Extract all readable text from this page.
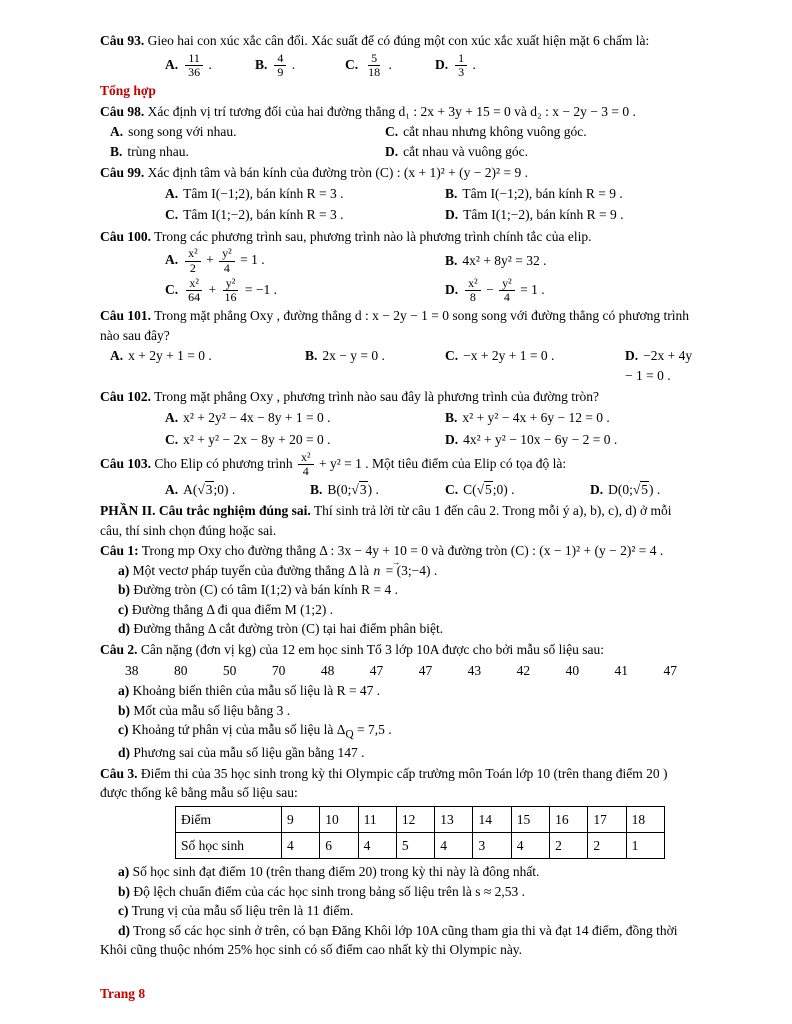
Câu 93. Gieo hai con xúc xắc cân đối. Xác suất để có đúng một con xúc xắc xuất hiện mặt 6 chấm là:

A. $\frac{11}{36}$ .	B. $\frac{4}{9}$ .	C. $\frac{5}{18}$ .	D. $\frac{1}{3}$ .

Tổng hợp

Câu 98. Xác định vị trí tương đối của hai đường thẳng d₁ : 2x + 3y + 15 = 0 và d₂ : x − 2y − 3 = 0 .

A. song song với nhau.	C. cắt nhau nhưng không vuông góc.
B. trùng nhau.	D. cắt nhau và vuông góc.

Câu 99. Xác định tâm và bán kính của đường tròn (C) : (x + 1)² + (y − 2)² = 9 .

A. Tâm I(−1;2), bán kính R = 3 .	B. Tâm I(−1;2), bán kính R = 9 .
C. Tâm I(1;−2), bán kính R = 3 .	D. Tâm I(1;−2), bán kính R = 9 .

Câu 100. Trong các phương trình sau, phương trình nào là phương trình chính tắc của elip.

A. $\frac{\text{x²}}{2} + \frac{\text{y²}}{4} = 1$ .	B. 4x² + 8y² = 32 .
C. $\frac{\text{x²}}{64} + \frac{\text{y²}}{16} = -1$ .	D. $\frac{\text{x²}}{8} - \frac{\text{y²}}{4} = 1$ .

Câu 101. Trong mặt phẳng Oxy , đường thẳng d : x − 2y − 1 = 0 song song với đường thẳng có phương trình nào sau đây?

A. x + 2y + 1 = 0 .	B. 2x − y = 0 .	C. −x + 2y + 1 = 0 .	D. −2x + 4y − 1 = 0 .

Câu 102. Trong mặt phẳng Oxy , phương trình nào sau đây là phương trình của đường tròn?

A. x² + 2y² − 4x − 8y + 1 = 0 .	B. x² + y² − 4x + 6y − 12 = 0 .
C. x² + y² − 2x − 8y + 20 = 0 .	D. 4x² + y² − 10x − 6y − 2 = 0 .

Câu 103. Cho Elip có phương trình $\frac{\text{x²}}{4} + y^2 = 1$ . Một tiêu điểm của Elip có tọa độ là:

A. A(√3;0) .	B. B(0;√3) .	C. C(√5;0) .	D. D(0;√5) .

PHẦN II. Câu trắc nghiệm đúng sai. Thí sinh trả lời từ câu 1 đến câu 2. Trong mỗi ý a), b), c), d) ở mỗi câu, thí sinh chọn đúng hoặc sai.

Câu 1: Trong mp Oxy cho đường thẳng Δ : 3x − 4y + 10 = 0 và đường tròn (C) : (x − 1)² + (y − 2)² = 4 .

a) Một vectơ pháp tuyến của đường thẳng Δ là → n = (3;−4) .

b) Đường tròn (C) có tâm I(1;2) và bán kính R = 4 .

c) Đường thẳng Δ đi qua điểm M (1;2) .

d) Đường thẳng Δ cắt đường tròn (C) tại hai điểm phân biệt.

Câu 2. Cân nặng (đơn vị kg) của 12 em học sinh Tổ 3 lớp 10A được cho bởi mẫu số liệu sau:

38	80	50	70	48	47	47	43	42	40	41	47

a) Khoảng biến thiên của mẫu số liệu là R = 47 .

b) Mốt của mẫu số liệu bằng 3 .

c) Khoảng tứ phân vị của mẫu số liệu là $\Delta_Q = 7,5$ .

d) Phương sai của mẫu số liệu gần bằng 147 .

Câu 3. Điểm thi của 35 học sinh trong kỳ thi Olympic cấp trường môn Toán lớp 10 (trên thang điểm 20 ) được thống kê bằng mẫu số liệu sau:

Điểm	9	10	11	12	13	14	15	16	17	18
Số học sinh	4	6	4	5	4	3	4	2	2	1

a) Số học sinh đạt điểm 10 (trên thang điểm 20) trong kỳ thi này là đông nhất.

b) Độ lệch chuẩn điểm của các học sinh trong bảng số liệu trên là s ≈ 2,53 .

c) Trung vị của mẫu số liệu trên là 11 điểm.

d) Trong số các học sinh ở trên, có bạn Đăng Khôi lớp 10A cũng tham gia thi và đạt 14 điểm, đồng thời Khôi cũng thuộc nhóm 25% học sinh có số điểm cao nhất kỳ thi Olympic này.

Trang 8
